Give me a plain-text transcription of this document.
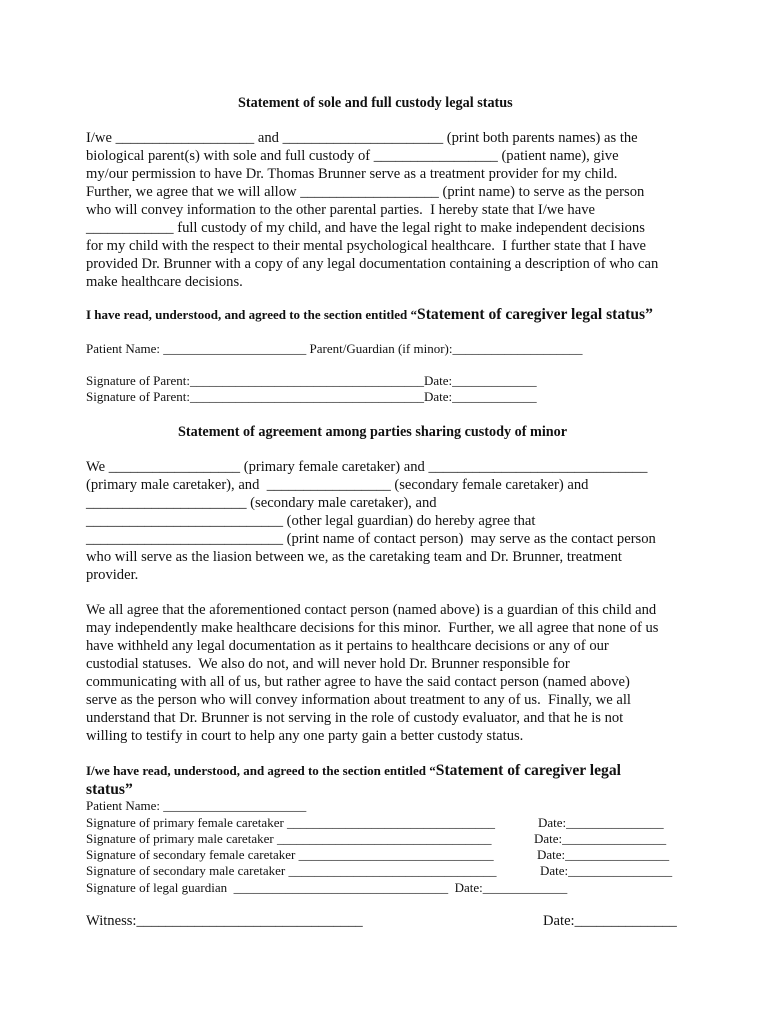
Statement of sole and full custody legal status
I/we ___________________ and ______________________ (print both parents names) as the
biological parent(s) with sole and full custody of _________________ (patient name), give
my/our permission to have Dr. Thomas Brunner serve as a treatment provider for my child.
Further, we agree that we will allow ___________________ (print name) to serve as the person
who will convey information to the other parental parties.  I hereby state that I/we have
____________ full custody of my child, and have the legal right to make independent decisions
for my child with the respect to their mental psychological healthcare.  I further state that I have
provided Dr. Brunner with a copy of any legal documentation containing a description of who can
make healthcare decisions.
I have read, understood, and agreed to the section entitled “Statement of caregiver legal status”
Patient Name: ______________________ Parent/Guardian (if minor):____________________
Signature of Parent:____________________________________Date:_____________
Signature of Parent:____________________________________Date:_____________
Statement of agreement among parties sharing custody of minor
We __________________ (primary female caretaker) and ______________________________
(primary male caretaker), and  _________________ (secondary female caretaker) and
______________________ (secondary male caretaker), and
___________________________ (other legal guardian) do hereby agree that
___________________________ (print name of contact person)  may serve as the contact person
who will serve as the liasion between we, as the caretaking team and Dr. Brunner, treatment
provider.
We all agree that the aforementioned contact person (named above) is a guardian of this child and
may independently make healthcare decisions for this minor.  Further, we all agree that none of us
have withheld any legal documentation as it pertains to healthcare decisions or any of our
custodial statuses.  We also do not, and will never hold Dr. Brunner responsible for
communicating with all of us, but rather agree to have the said contact person (named above)
serve as the person who will convey information about treatment to any of us.  Finally, we all
understand that Dr. Brunner is not serving in the role of custody evaluator, and that he is not
willing to testify in court to help any one party gain a better custody status.
I/we have read, understood, and agreed to the section entitled “Statement of caregiver legal
status”
Patient Name: ______________________
Signature of primary female caretaker ________________________________	Date:_______________
Signature of primary male caretaker _________________________________	Date:________________
Signature of secondary female caretaker ______________________________	Date:________________
Signature of secondary male caretaker ________________________________	Date:________________
Signature of legal guardian  _________________________________  Date:_____________
Witness:_______________________________	Date:______________
